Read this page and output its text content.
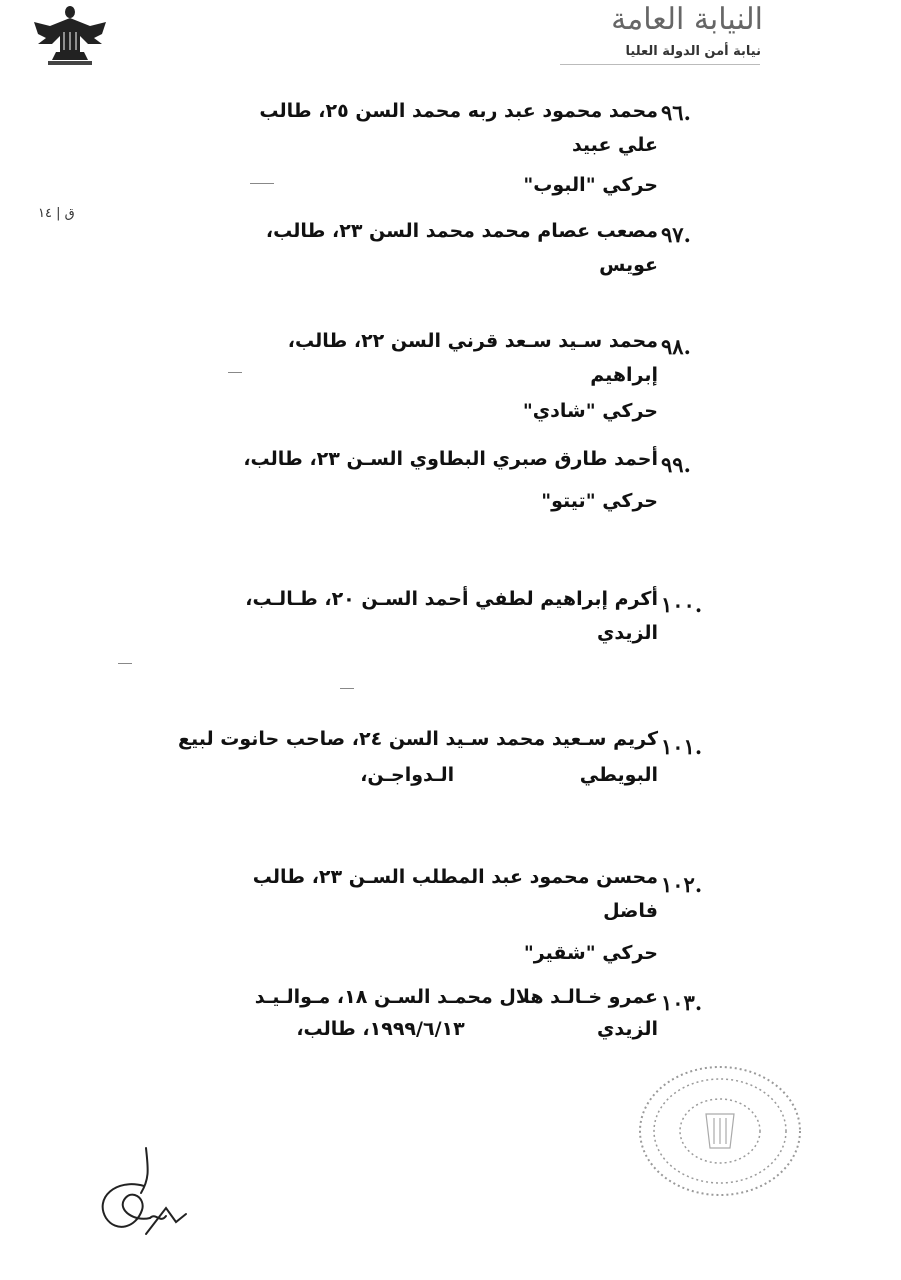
النيابة العامة
نيابة أمن الدولة العليا
ق | ١٤
٩٦.
محمد محمود عبد ربه محمد السن ٢٥، طالب
علي عبيد
حركي "البوب"
٩٧.
مصعب عصام محمد محمد السن ٢٣، طالب،
عويس
٩٨.
محمد سـيد سـعد قرني السن ٢٢، طالب،
إبراهيم
حركي "شادي"
٩٩.
أحمد طارق صبري البطاوي السـن ٢٣، طالب،
حركي "تيتو"
١٠٠.
أكرم إبراهيم لطفي أحمد السـن ٢٠، طـالـب،
الزيدي
١٠١.
كريم سـعيد محمد سـيد السن ٢٤، صاحب حانوت لبيع
البويطي                   الـدواجـن،
١٠٢.
محسن محمود عبد المطلب السـن ٢٣، طالب
فاضل
حركي "شقير"
١٠٣.
عمرو خـالـد هلال محمـد السـن ١٨، مـوالـيـد
الزيدي                    ١٩٩٩/٦/١٣، طالب،
